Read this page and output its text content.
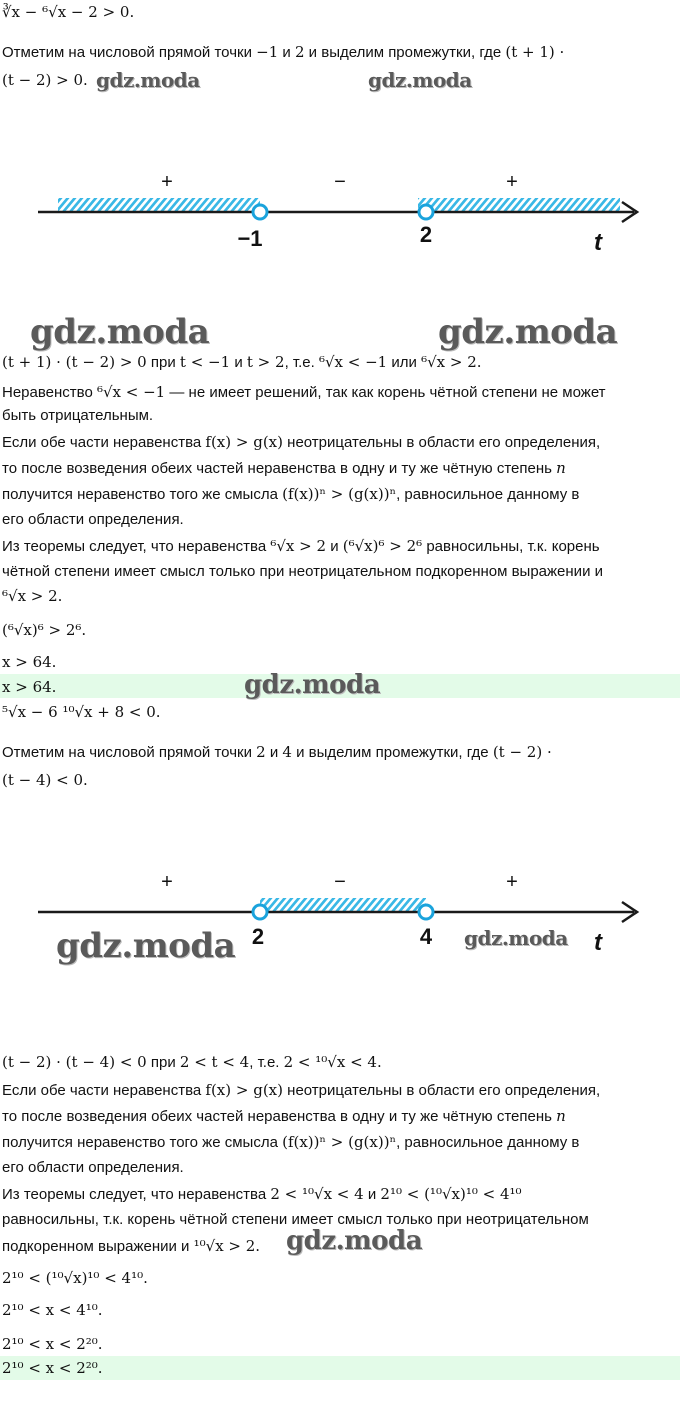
∛x − ⁶√x − 2 > 0.
Отметим на числовой прямой точки −1 и 2 и выделим промежутки, где (t + 1) ·
(t − 2) > 0.
+	−	+
−1	2	t
(t + 1) · (t − 2) > 0 при t < −1 и t > 2, т.е. ⁶√x < −1 или ⁶√x > 2.
Неравенство ⁶√x < −1 — не имеет решений, так как корень чётной степени не может
быть отрицательным.
Если обе части неравенства f(x) > g(x) неотрицательны в области его определения,
то после возведения обеих частей неравенства в одну и ту же чётную степень n
получится неравенство того же смысла (f(x))ⁿ > (g(x))ⁿ, равносильное данному в
его области определения.
Из теоремы следует, что неравенства ⁶√x > 2 и (⁶√x)⁶ > 2⁶ равносильны, т.к. корень
чётной степени имеет смысл только при неотрицательном подкоренном выражении и
⁶√x > 2.
(⁶√x)⁶ > 2⁶.
x > 64.
x > 64.
⁵√x − 6 ¹⁰√x + 8 < 0.
Отметим на числовой прямой точки 2 и 4 и выделим промежутки, где (t − 2) ·
(t − 4) < 0.
+	−	+
2	4	t
(t − 2) · (t − 4) < 0 при 2 < t < 4, т.е. 2 < ¹⁰√x < 4.
Если обе части неравенства f(x) > g(x) неотрицательны в области его определения,
то после возведения обеих частей неравенства в одну и ту же чётную степень n
получится неравенство того же смысла (f(x))ⁿ > (g(x))ⁿ, равносильное данному в
его области определения.
Из теоремы следует, что неравенства 2 < ¹⁰√x < 4 и 2¹⁰ < (¹⁰√x)¹⁰ < 4¹⁰
равносильны, т.к. корень чётной степени имеет смысл только при неотрицательном
подкоренном выражении и ¹⁰√x > 2.
2¹⁰ < (¹⁰√x)¹⁰ < 4¹⁰.
2¹⁰ < x < 4¹⁰.
2¹⁰ < x < 2²⁰.
2¹⁰ < x < 2²⁰.
gdz.moda	gdz.moda
gdz.moda	gdz.moda
gdz.moda
gdz.moda	gdz.moda
gdz.moda
